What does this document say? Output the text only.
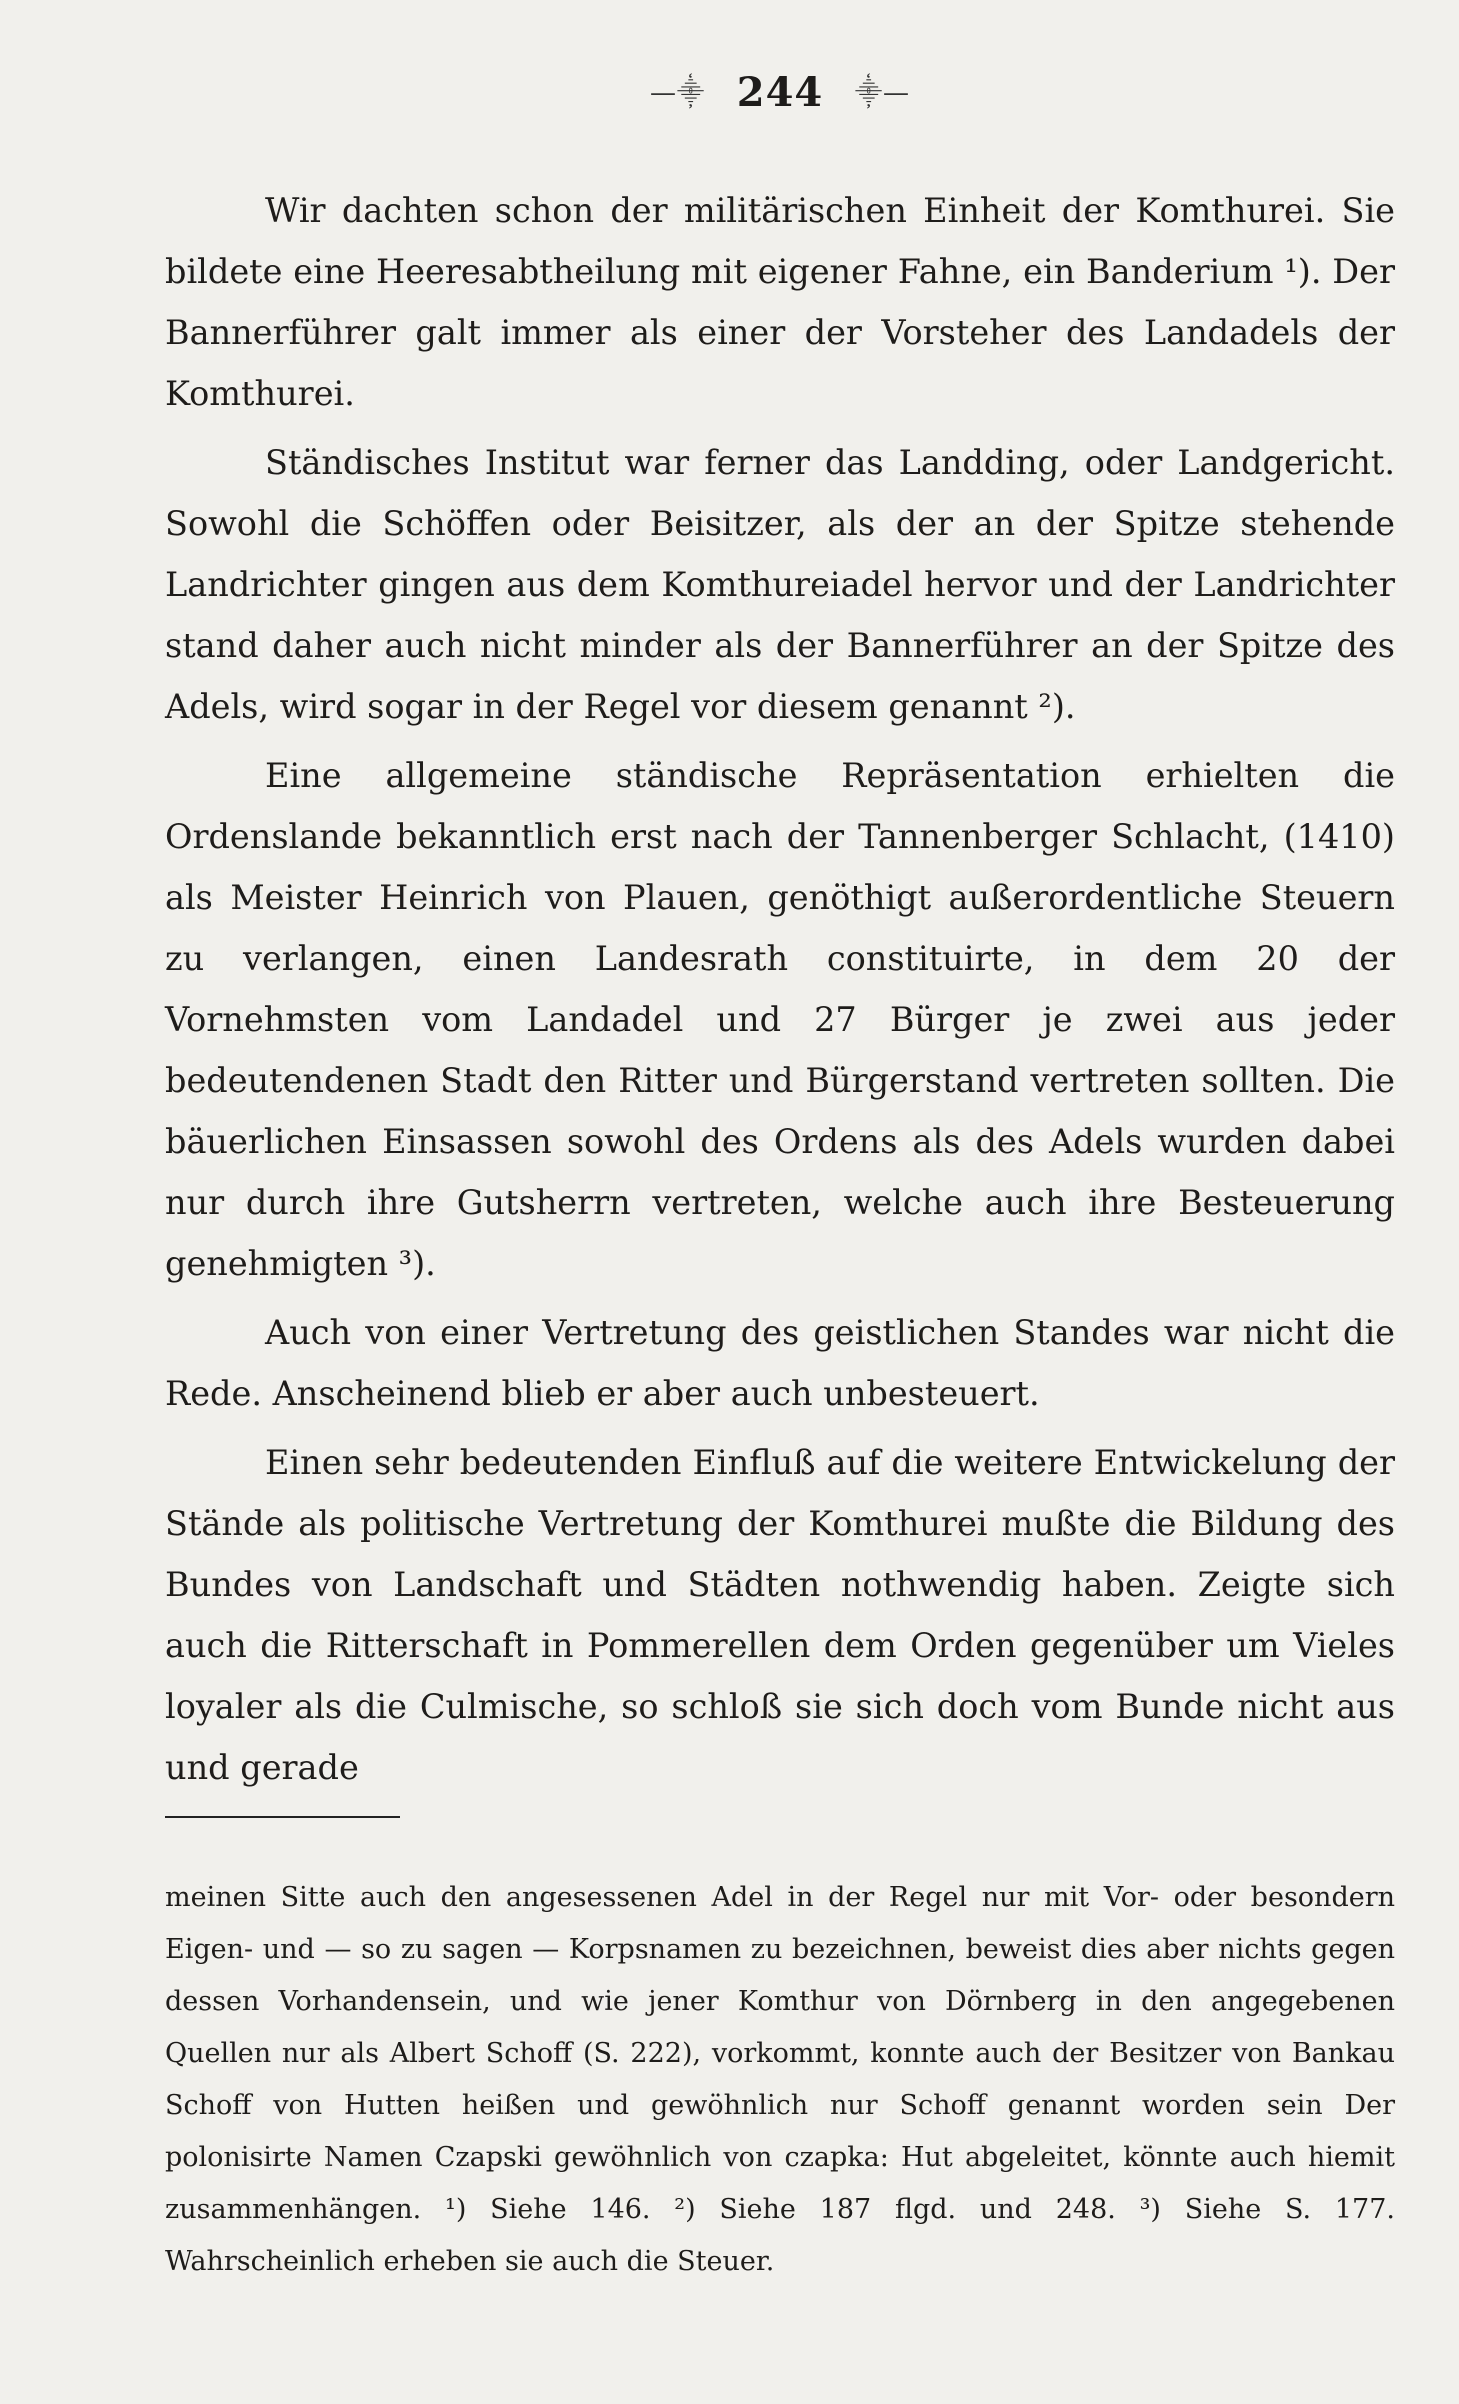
—⸎ 244 ⸎—

Wir dachten schon der militärischen Einheit der Komthurei. Sie bildete eine Heeresabtheilung mit eigener Fahne, ein Banderium ¹). Der Bannerführer galt immer als einer der Vorsteher des Landadels der Komthurei.

Ständisches Institut war ferner das Landding, oder Landgericht. Sowohl die Schöffen oder Beisitzer, als der an der Spitze stehende Landrichter gingen aus dem Komthureiadel hervor und der Landrichter stand daher auch nicht minder als der Bannerführer an der Spitze des Adels, wird sogar in der Regel vor diesem genannt ²).

Eine allgemeine ständische Repräsentation erhielten die Ordenslande bekanntlich erst nach der Tannenberger Schlacht, (1410) als Meister Heinrich von Plauen, genöthigt außerordentliche Steuern zu verlangen, einen Landesrath constituirte, in dem 20 der Vornehmsten vom Landadel und 27 Bürger je zwei aus jeder bedeutendenen Stadt den Ritter und Bürgerstand vertreten sollten. Die bäuerlichen Einsassen sowohl des Ordens als des Adels wurden dabei nur durch ihre Gutsherrn vertreten, welche auch ihre Besteuerung genehmigten ³).

Auch von einer Vertretung des geistlichen Standes war nicht die Rede. Anscheinend blieb er aber auch unbesteuert.

Einen sehr bedeutenden Einfluß auf die weitere Entwickelung der Stände als politische Vertretung der Komthurei mußte die Bildung des Bundes von Landschaft und Städten nothwendig haben. Zeigte sich auch die Ritterschaft in Pommerellen dem Orden gegenüber um Vieles loyaler als die Culmische, so schloß sie sich doch vom Bunde nicht aus und gerade

meinen Sitte auch den angesessenen Adel in der Regel nur mit Vor- oder besondern Eigen- und — so zu sagen — Korpsnamen zu bezeichnen, beweist dies aber nichts gegen dessen Vorhandensein, und wie jener Komthur von Dörnberg in den angegebenen Quellen nur als Albert Schoff (S. 222), vorkommt, konnte auch der Besitzer von Bankau Schoff von Hutten heißen und gewöhnlich nur Schoff genannt worden sein Der polonisirte Namen Czapski gewöhnlich von czapka: Hut abgeleitet, könnte auch hiemit zusammenhängen. ¹) Siehe 146. ²) Siehe 187 flgd. und 248. ³) Siehe S. 177. Wahrscheinlich erheben sie auch die Steuer.
